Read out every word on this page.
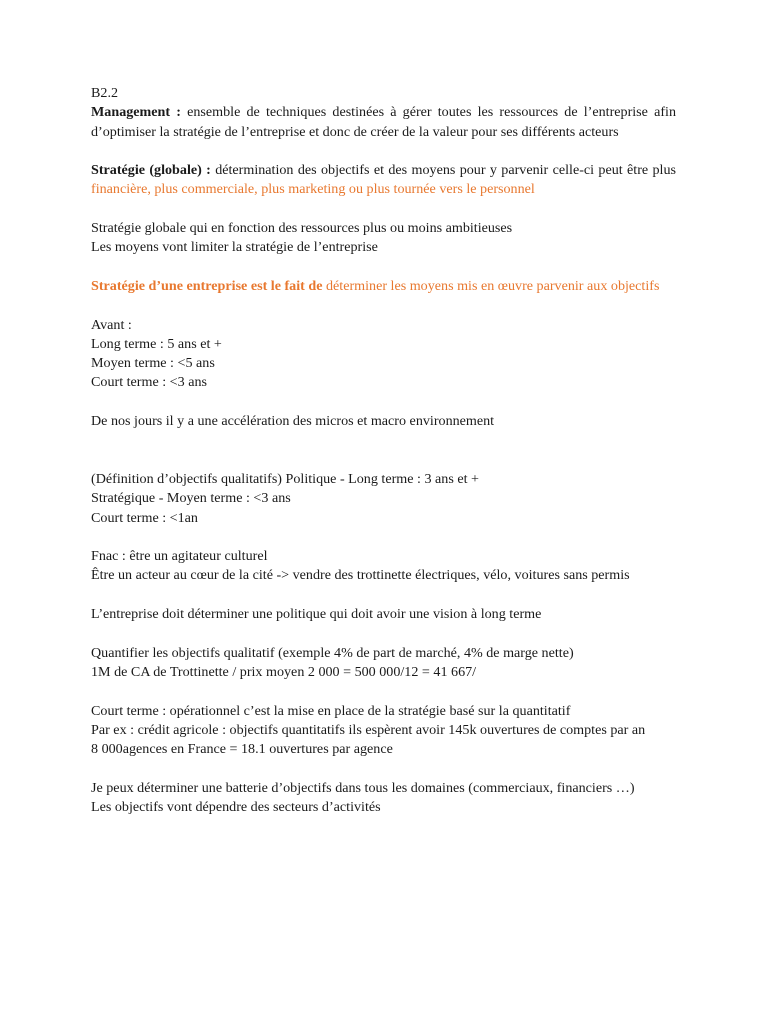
B2.2

Management : ensemble de techniques destinées à gérer toutes les ressources de l’entreprise afin d’optimiser la stratégie de l’entreprise et donc de créer de la valeur pour ses différents acteurs

Stratégie (globale) : détermination des objectifs et des moyens pour y parvenir celle-ci peut être plus financière, plus commerciale, plus marketing ou plus tournée vers le personnel

Stratégie globale qui en fonction des ressources plus ou moins ambitieuses
Les moyens vont limiter la stratégie de l’entreprise

Stratégie d’une entreprise est le fait de déterminer les moyens mis en œuvre parvenir aux objectifs

Avant :
Long terme : 5 ans et +
Moyen terme : <5 ans
Court terme : <3 ans
De nos jours il y a une accélération des micros et macro environnement
(Définition d’objectifs qualitatifs) Politique - Long terme : 3 ans et +
Stratégique - Moyen terme : <3 ans
Court terme : <1an
Fnac : être un agitateur culturel

Être un acteur au cœur de la cité -> vendre des trottinette électriques, vélo, voitures sans permis

L’entreprise doit déterminer une politique qui doit avoir une vision à long terme
Quantifier les objectifs qualitatif (exemple 4% de part de marché, 4% de marge nette)
1M de CA de Trottinette / prix moyen 2 000 = 500 000/12 = 41 667/
Court terme : opérationnel c’est la mise en place de la stratégie basé sur la quantitatif

Par ex : crédit agricole : objectifs quantitatifs ils espèrent avoir 145k ouvertures de comptes par an

8 000agences en France = 18.1 ouvertures par agence

Je peux déterminer une batterie d’objectifs dans tous les domaines (commerciaux, financiers …)

Les objectifs vont dépendre des secteurs d’activités
